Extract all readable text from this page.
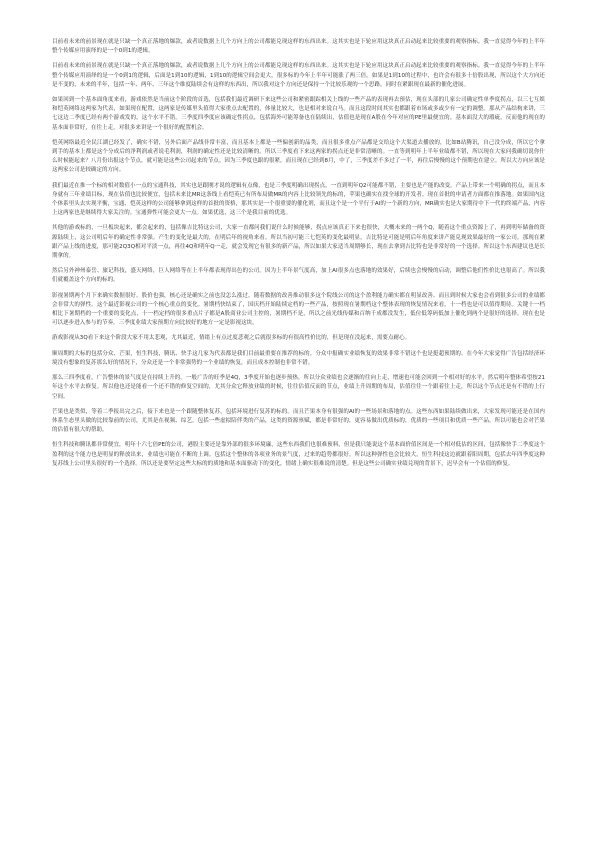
目前看未来的前景现在就是只缺一个真正落地的爆款，或者说数据上几个方向上的公司都能兑现这样的东西出来。这其实也是下轮应用这块真正启动起来比较重要的观察指标。我一直觉得今年的上半年整个传媒应用演绎的是一个0到1的逻辑。

目前看未来的前景现在就是只缺一个真正落地的爆款，或者说数据上几个方向上的公司都能兑现这样的东西出来。这其实也是下轮应用这块真正启动起来比较重要的观察指标。我一直觉得今年的上半年整个传媒应用演绎的是一个0到1的逻辑，后面是1到10的逻辑，1到10的逻辑空间会更大，很多标的今年上半年可能涨了两三倍。如果是1到10的过程中，也许会有很多十倍股出现，所以这个大方向还是不变的，未来的半年，包括一年、两年、三年这个维度陆续会有这样的东西出，所以我对这个方向还是保持一个比较乐观的一个思路。同时在紧跟现在最新的催化进展。

如果回到一个基本面角度来看，游戏依然是当前这个阶段的首选，包括我们最近调研下来这些公司和紧密跟踪相关上线的一些产品的表现再去预估，现在头部的几家公司确定性单季度拐点，以三七互娱和恺英网络这两家为代表，如果现在配置，这两家是传媒里头值得大家重点去配置的，体量比较大，也是相对来说白马。而且这段时间其实也都跟着市场或多或少有一定的调整。那从产品结构来讲，三七这边二季度已经有两个游戏发的，这个水平不错。三季度四季度应该确定性拐点，包括海外可能筹备也在陆续出，估值也是现在A股在今年对应的PE里最便宜的。基本面没大的瑕疵，反而他的现在的基本面非常好，在往上走，对很多来讲是一个很好的配置机会。

恺英网络最近全民江湖已经发了，确实不错，另外后面产品线非常丰富，而且基本上都是一些偏创新的品类，而且很多重点产品都是交给这个大渠道去播放的，比如B站腾讯，自己没分成，所以它个拿到手的基本上都是这个分成后的净利润或者说毛利润，利润的确定性还是比较清晰的。所以三季度看下来这两家的拐点还是非常清晰的。一直等到明年上半年业绩都不错，所以现在大家问我确切说你什么时候能起来？八月份出报这个节点，就可能是这些公司起来的节点。因为三季度也跟的很紧，而且现在已经到8月，中了，三季度差不多过了一半，再往后慢慢的这个预期也在建立。所以大方向应该是这两家公司是较确定的方向。

我们最近在推一个标的相对数值小一点的宝通科技，其实也是跟刚才说的逻辑有点像，也是三季度明确出现拐点，一直到明年Q2可能都不错，主要也是产能的改变。产品上带来一个明确的拐点，而且本身就有三年业绩目标，现在估值也比较便宜，包括未来比MR这条线上看恺英已有所布局做MR的内容上比较领先的标的，苹果也确实在找全球的开发者，现在首批的申请者方面都在推落地。如果国内这个体系里头去实现平衡，宝通、恺英这样的公司能够拿到这样的首批的资格，那其实是一个很重要的催化剂，而且这个是一个平行于AI的一个新的方向，MR确实也是大家期待中下一代的终端产品，内容上这两家也是继续得大家关注的。宝通弹性可能会更大一点。如果优选，这三个是我目前的优选。

其他的游戏标的，一旦板块起来，都会起来的，包括像吉比特这公司，大家一直都问我们说什么时候能够，拐点应该真正下来也很快，大概未来的一两个Q，随着这个重点资源上了，再到明年储备的资源陆续上，这公司明后年的确定性非常强。产生的变化是最大的，在明后年的视角来看。所以当初可能三七恺英的变化最明显，吉比特是可能是明后年角度来讲产能兑现效果最好的一家公司。那现在紧跟产品上线的进度，那可能2Q3Q相对平淡一点，再往4Q和明年Q一走，就会发现它有很多的新产品，所以如果大家适当周期够长，现在去拿到吉比特也是非常好的一个选择。所以这个东西建议也是长期拿的。

然后另外神州泰岳、旅记科技，盛天网络，巨人网络等在上半年都表现得出色的公司。因为上半年景气度高，加上AI很多点也落地的效果好，后续也会慢慢的启动，调整后他们性价比也很高了。所以我们就覆盖这个方向的标的。

影视暑期两个月下来确实数据很好。股价也强，核心还是确实之前也没怎么涨过。随着数据的改善推动很多这个院线公司的这个盈利能力确实都在明显改善。而且到时候大家也会看到很多公司的业绩都会非常大的弹性。这个最近影视公司的一个核心重点的变化。暑期档快结束了，国庆档开始陆续定档的一些产品，按照现在暑期档这个整体表现的恢复情况来看，十一档也是可以值得期待。关键十一档相比下暑期档的一个重要的变化点，十一档定档的很多重点片子都是A股商业公司主控的，暑期档不是，所以之前光线传媒和百纳千成都没发生，低位低筹码低加上催化到两个是很好的选择。现在也是可以逐步进入参与的节奏。三季度业绩大家预期方向比较好的地方一定是影视这块。

游戏影视从3Q看下来这个阶段大家不用太悲观，尤其最近，情绪上有点过度悲观之后就很多标的有很高性价比的，但是现在没起来，需要点耐心。

顺周期的大标的包括分众、芒果，恒生科技，腾讯、快手这几家为代表都是我们目前最重要在推荐的标的。分众中报确实业绩恢复的效果非常不错这个也是挺超预期的。在今年大家觉得广告包括经济环境没有想象的复苏那么好的情况下，分众还是一个非常强势的一个业绩的恢复，而且成本控制也非常不错。

那么三四季度看，广告整体的景气度是在持续上升的。一般广告的旺季是4Q，3季度开始也逐步预热。所以分众业绩也会逐渐的往向上走，增速也可能会回到一个相对好的水平。然后明年整体希望按21年这个水平去修复。所以他也还是能看一个还不错的修复空间的，尤其分众它释放业绩的时候，往往估值反而的节点，业绩上升周期的布局，估值往往一个跟着往上走，所以这个节点还是有不错的上行空间。

芒果也是类似，等着二季报出完之后，接下来也是一个跟随整体复苏，包括环境进行复苏的标的。而且芒果本身有很强的AI的一些场景和落地的点。这些东西如果陆续做出来，大家发现可能还是在国内体系生态里头做的比较靠前的公司，尤其是在视频、综艺，包括一些虚拟陪伴类的产品，这类的资源禀赋，都是非常好的，更容易做出优质标的，优质的一些项目和优质一些产品。所以可能也会对芒果的估值有很大的帮助。

恒生科技和腾讯都非常便宜，明年十六七倍PE的公司，港股主要还是靠外部的很多环境廉，这些东西我们也很难预料，但是我只能说这个基本面价值区间是一个相对低估的区间，包括像快手二季度这个盈利的这个能力也是明显的释放出来，业绩也可能在不断的上调。包括这个整体的各项业务的景气度，过来的趋势都很好。所以这种弹性也会比较大，恒生科技这边就跟着阳周期，包括去年四季度这种复苏线上公司里头很好的一个选择。所以还是要坚定这些大标的的质地和基本面驱动下的变化，情绪上确实很难说的清楚。但是这些公司确实业绩兑现的背景下，迟早会有一个估值的修复。
